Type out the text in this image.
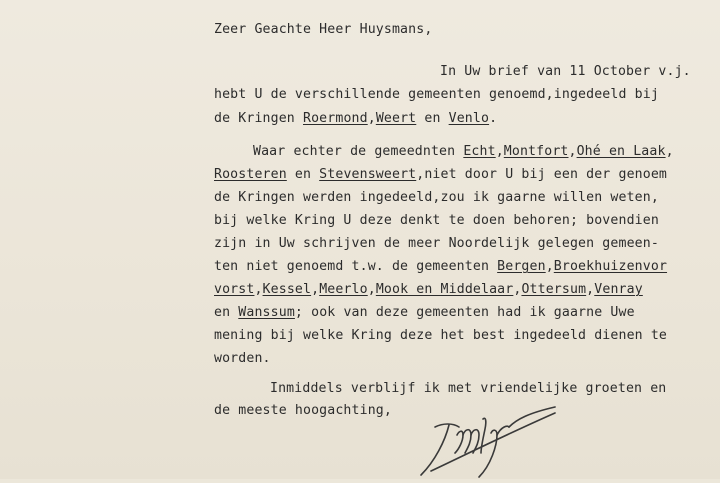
Zeer Geachte Heer Huysmans,
In Uw brief van 11 October v.j.
hebt U de verschillende gemeenten genoemd,ingedeeld bij
de Kringen Roermond,Weert en Venlo.
Waar echter de gemeednten Echt,Montfort,Ohé en Laak,
Roosteren en Stevensweert,niet door U bij een der genoem
de Kringen werden ingedeeld,zou ik gaarne willen weten,
bij welke Kring U deze denkt te doen behoren; bovendien
zijn in Uw schrijven de meer Noordelijk gelegen gemeen-
ten niet genoemd t.w. de gemeenten Bergen,Broekhuizenvor
vorst,Kessel,Meerlo,Mook en Middelaar,Ottersum,Venray
en Wanssum; ook van deze gemeenten had ik gaarne Uwe
mening bij welke Kring deze het best ingedeeld dienen te
worden.
Inmiddels verblijf ik met vriendelijke groeten en
de meeste hoogachting,
